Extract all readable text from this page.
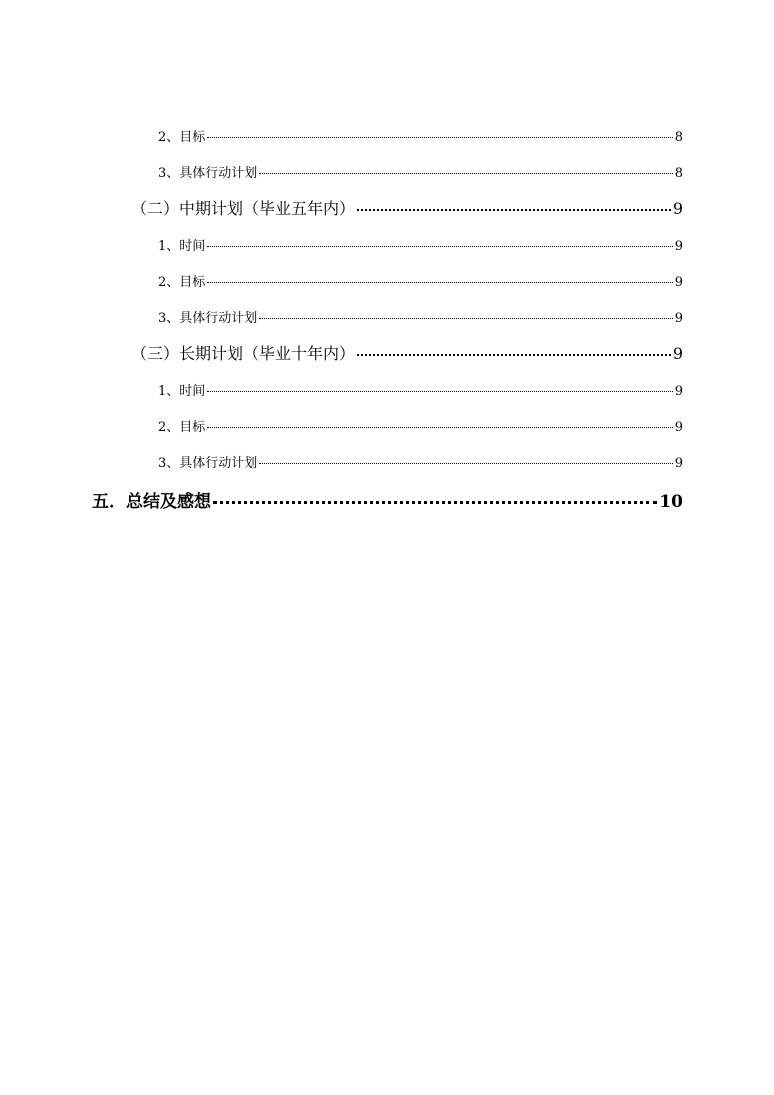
2、目标	8
3、具体行动计划	8
（二）中期计划（毕业五年内）	9
1、时间	9
2、目标	9
3、具体行动计划	9
（三）长期计划（毕业十年内）	9
1、时间	9
2、目标	9
3、具体行动计划	9
五．总结及感想	10
